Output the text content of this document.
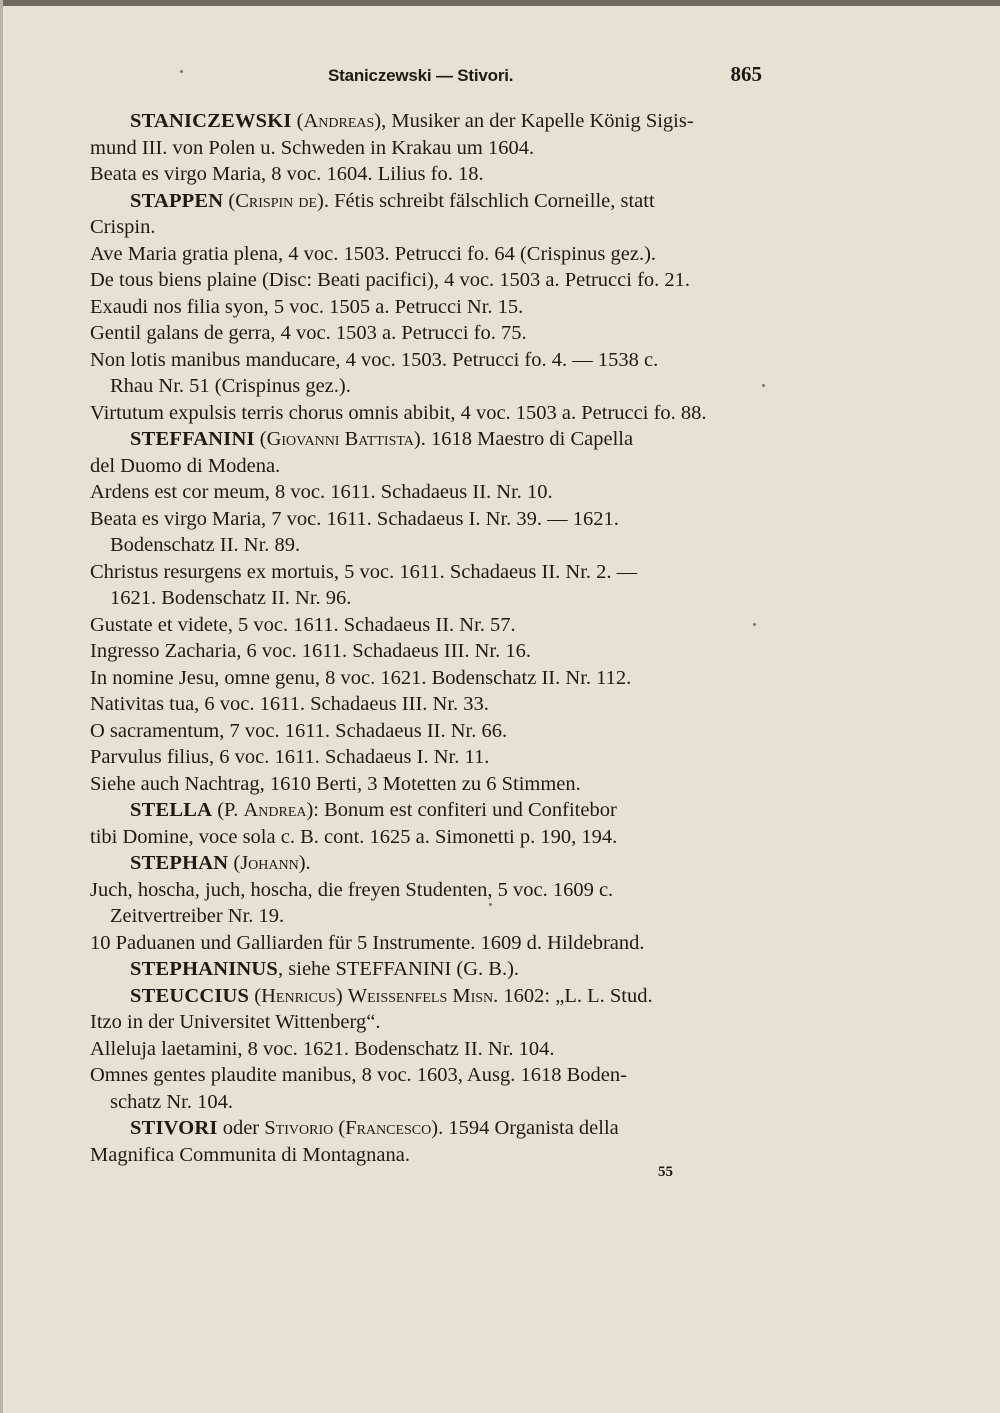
Staniczewski — Stivori.	865
STANICZEWSKI (Andreas), Musiker an der Kapelle König Sigis-
mund III. von Polen u. Schweden in Krakau um 1604.
Beata es virgo Maria, 8 voc. 1604. Lilius fo. 18.
STAPPEN (Crispin de). Fétis schreibt fälschlich Corneille, statt
Crispin.
Ave Maria gratia plena, 4 voc. 1503. Petrucci fo. 64 (Crispinus gez.).
De tous biens plaine (Disc: Beati pacifici), 4 voc. 1503 a. Petrucci fo. 21.
Exaudi nos filia syon, 5 voc. 1505 a. Petrucci Nr. 15.
Gentil galans de gerra, 4 voc. 1503 a. Petrucci fo. 75.
Non lotis manibus manducare, 4 voc. 1503. Petrucci fo. 4. — 1538 c.
Rhau Nr. 51 (Crispinus gez.).
Virtutum expulsis terris chorus omnis abibit, 4 voc. 1503 a. Petrucci fo. 88.
STEFFANINI (Giovanni Battista). 1618 Maestro di Capella
del Duomo di Modena.
Ardens est cor meum, 8 voc. 1611. Schadaeus II. Nr. 10.
Beata es virgo Maria, 7 voc. 1611. Schadaeus I. Nr. 39. — 1621.
Bodenschatz II. Nr. 89.
Christus resurgens ex mortuis, 5 voc. 1611. Schadaeus II. Nr. 2. —
1621. Bodenschatz II. Nr. 96.
Gustate et videte, 5 voc. 1611. Schadaeus II. Nr. 57.
Ingresso Zacharia, 6 voc. 1611. Schadaeus III. Nr. 16.
In nomine Jesu, omne genu, 8 voc. 1621. Bodenschatz II. Nr. 112.
Nativitas tua, 6 voc. 1611. Schadaeus III. Nr. 33.
O sacramentum, 7 voc. 1611. Schadaeus II. Nr. 66.
Parvulus filius, 6 voc. 1611. Schadaeus I. Nr. 11.
Siehe auch Nachtrag, 1610 Berti, 3 Motetten zu 6 Stimmen.
STELLA (P. Andrea): Bonum est confiteri und Confitebor
tibi Domine, voce sola c. B. cont. 1625 a. Simonetti p. 190, 194.
STEPHAN (Johann).
Juch, hoscha, juch, hoscha, die freyen Studenten, 5 voc. 1609 c.
Zeitvertreiber Nr. 19.
10 Paduanen und Galliarden für 5 Instrumente. 1609 d. Hildebrand.
STEPHANINUS, siehe STEFFANINI (G. B.).
STEUCCIUS (Henricus) Weissenfels Misn. 1602: „L. L. Stud.
Itzo in der Universitet Wittenberg“.
Alleluja laetamini, 8 voc. 1621. Bodenschatz II. Nr. 104.
Omnes gentes plaudite manibus, 8 voc. 1603, Ausg. 1618 Boden-
schatz Nr. 104.
STIVORI oder Stivorio (Francesco). 1594 Organista della
Magnifica Communita di Montagnana.
55
